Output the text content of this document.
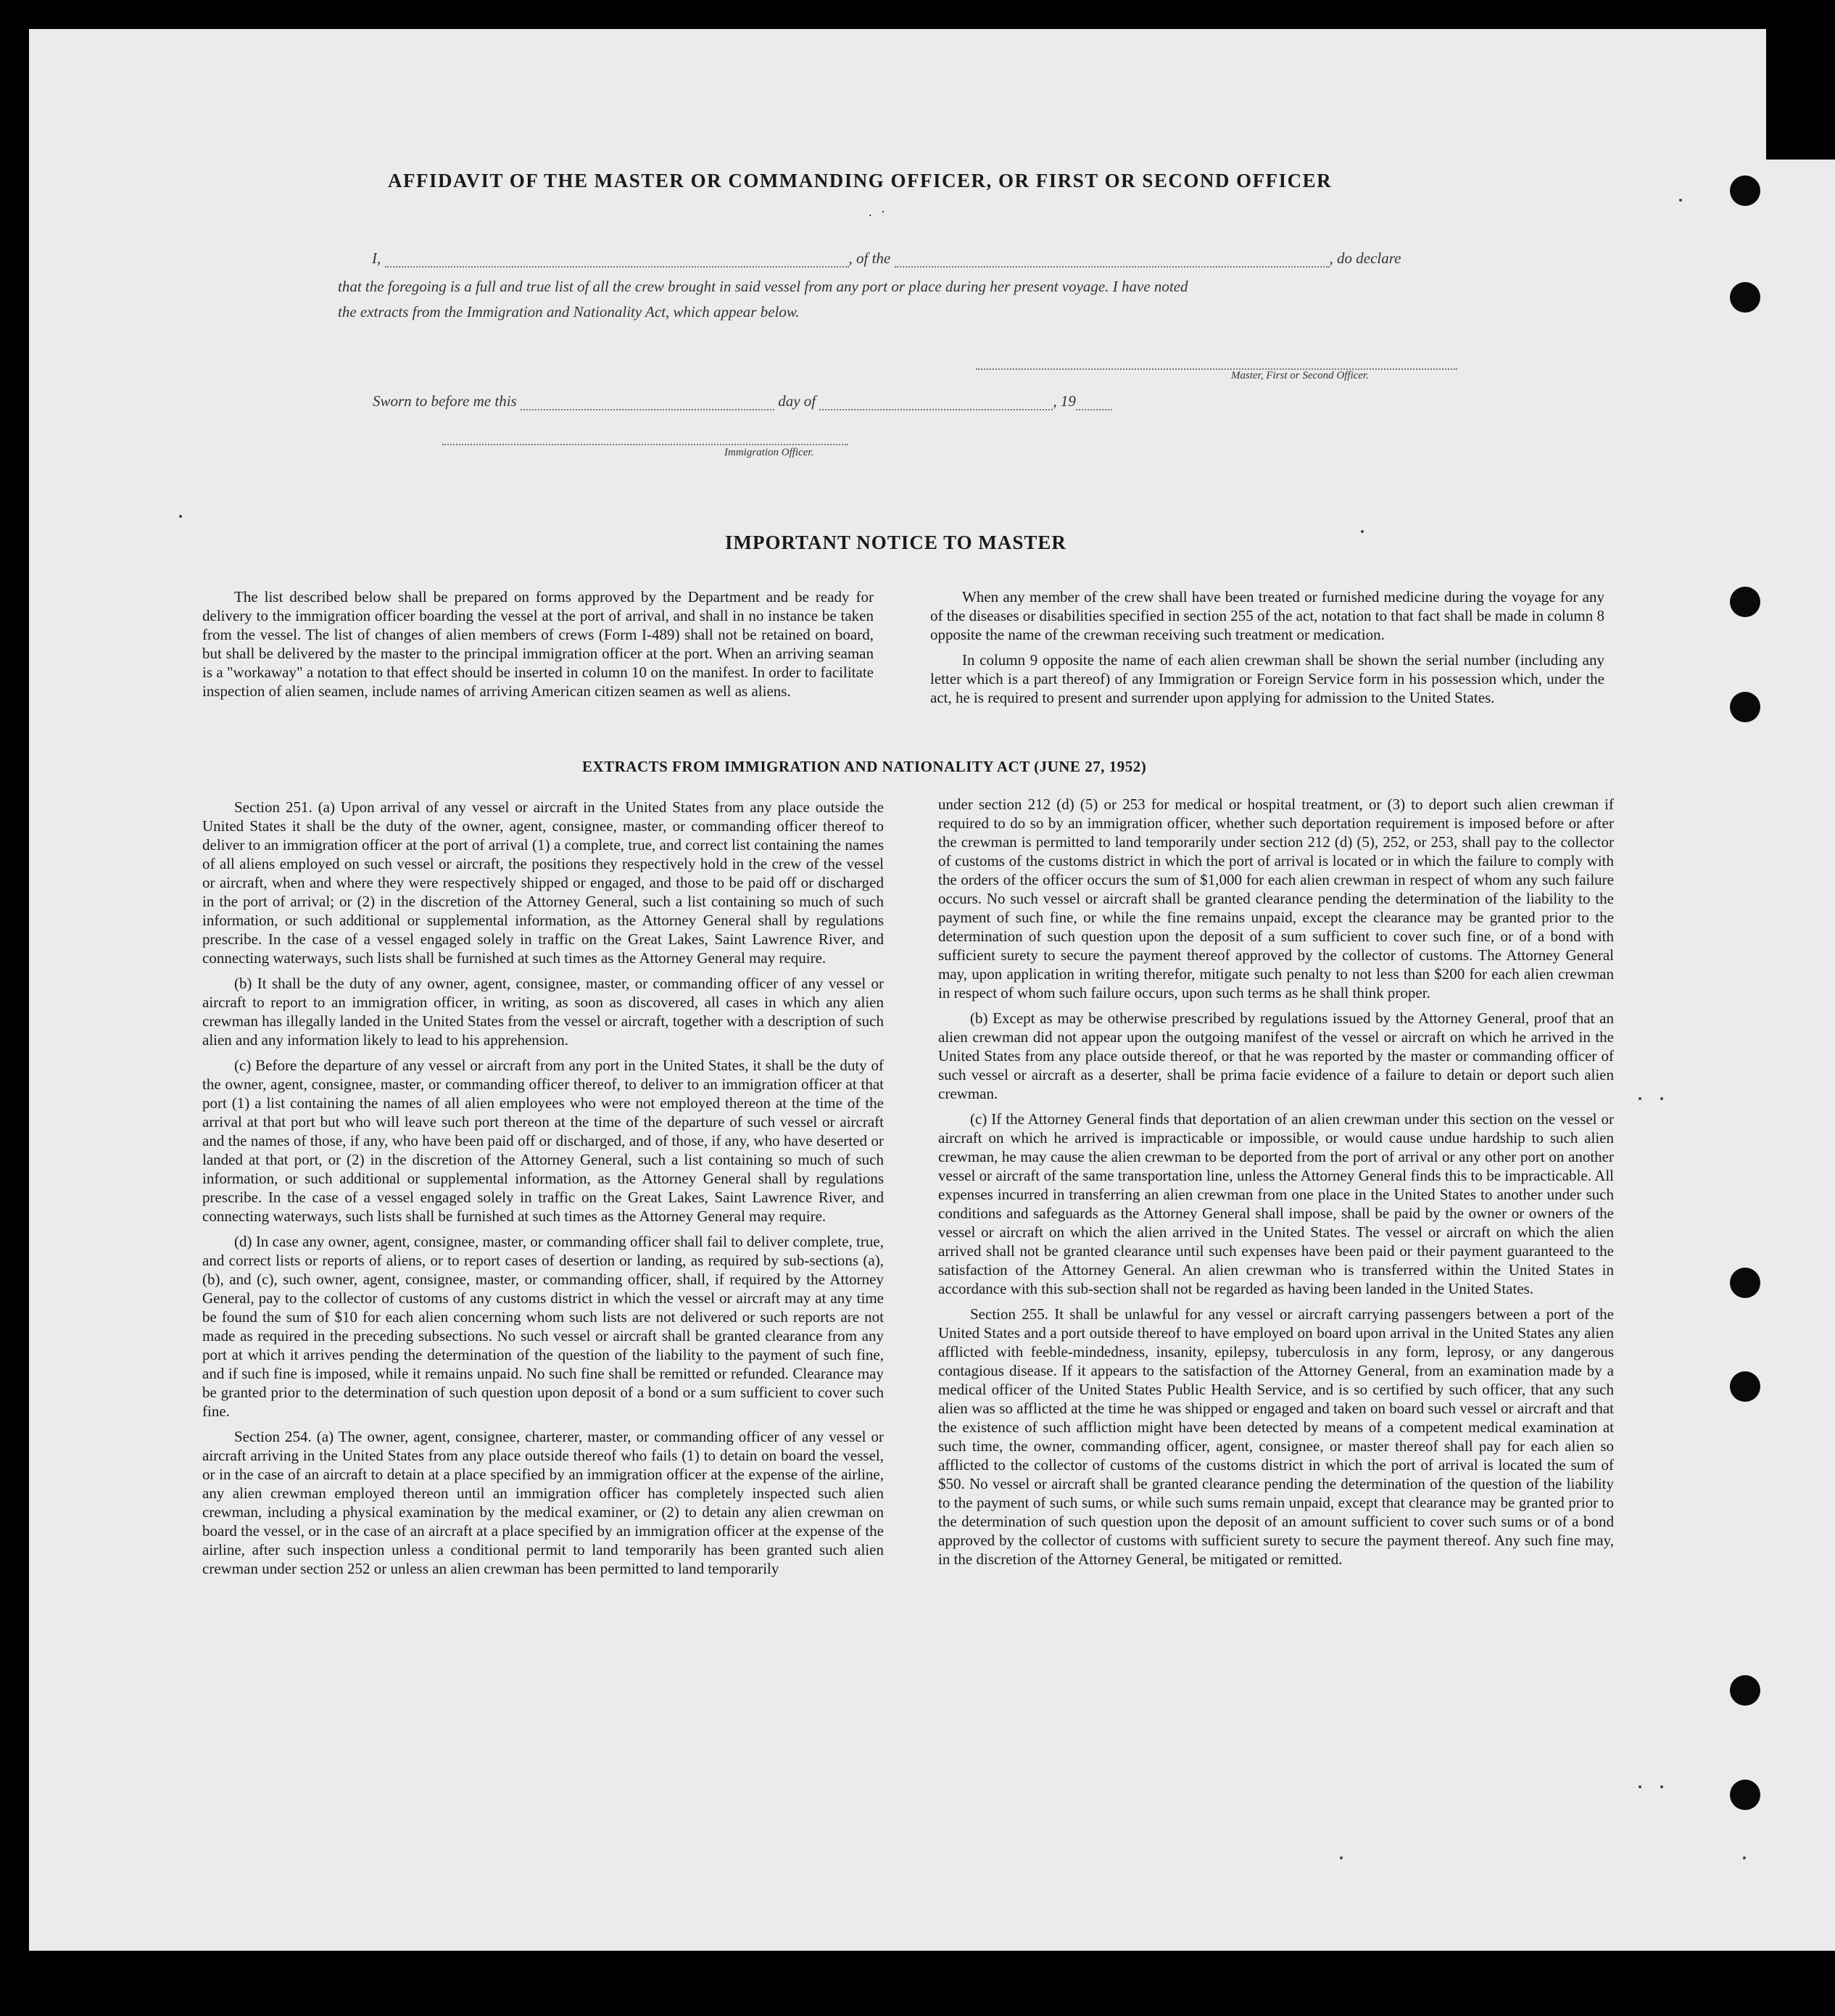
AFFIDAVIT OF THE MASTER OR COMMANDING OFFICER, OR FIRST OR SECOND OFFICER
. ·
I,	, of the	, do declare
that the foregoing is a full and true list of all the crew brought in said vessel from any port or place during her present voyage. I have noted
the extracts from the Immigration and Nationality Act, which appear below.
Master, First or Second Officer.
Sworn to before me this	day of	, 19
Immigration Officer.
IMPORTANT NOTICE TO MASTER

The list described below shall be prepared on forms approved by the Department and be ready for delivery to the immigration officer boarding the vessel at the port of arrival, and shall in no instance be taken from the vessel. The list of changes of alien members of crews (Form I-489) shall not be retained on board, but shall be delivered by the master to the principal immigration officer at the port. When an arriving seaman is a "workaway" a notation to that effect should be inserted in column 10 on the manifest. In order to facilitate inspection of alien seamen, include names of arriving American citizen seamen as well as aliens.

When any member of the crew shall have been treated or furnished medicine during the voyage for any of the diseases or disabilities specified in section 255 of the act, notation to that fact shall be made in column 8 opposite the name of the crewman receiving such treatment or medication.

In column 9 opposite the name of each alien crewman shall be shown the serial number (including any letter which is a part thereof) of any Immigration or Foreign Service form in his possession which, under the act, he is required to present and surrender upon applying for admission to the United States.

EXTRACTS FROM IMMIGRATION AND NATIONALITY ACT (JUNE 27, 1952)

Section 251. (a) Upon arrival of any vessel or aircraft in the United States from any place outside the United States it shall be the duty of the owner, agent, consignee, master, or commanding officer thereof to deliver to an immigration officer at the port of arrival (1) a complete, true, and correct list containing the names of all aliens employed on such vessel or aircraft, the positions they respectively hold in the crew of the vessel or aircraft, when and where they were respectively shipped or engaged, and those to be paid off or discharged in the port of arrival; or (2) in the discretion of the Attorney General, such a list containing so much of such information, or such additional or supplemental information, as the Attorney General shall by regulations prescribe. In the case of a vessel engaged solely in traffic on the Great Lakes, Saint Lawrence River, and connecting waterways, such lists shall be furnished at such times as the Attorney General may require.

(b) It shall be the duty of any owner, agent, consignee, master, or commanding officer of any vessel or aircraft to report to an immigration officer, in writing, as soon as discovered, all cases in which any alien crewman has illegally landed in the United States from the vessel or aircraft, together with a description of such alien and any information likely to lead to his apprehension.

(c) Before the departure of any vessel or aircraft from any port in the United States, it shall be the duty of the owner, agent, consignee, master, or commanding officer thereof, to deliver to an immigration officer at that port (1) a list containing the names of all alien employees who were not employed thereon at the time of the arrival at that port but who will leave such port thereon at the time of the departure of such vessel or aircraft and the names of those, if any, who have been paid off or discharged, and of those, if any, who have deserted or landed at that port, or (2) in the discretion of the Attorney General, such a list containing so much of such information, or such additional or supplemental information, as the Attorney General shall by regulations prescribe. In the case of a vessel engaged solely in traffic on the Great Lakes, Saint Lawrence River, and connecting waterways, such lists shall be furnished at such times as the Attorney General may require.

(d) In case any owner, agent, consignee, master, or commanding officer shall fail to deliver complete, true, and correct lists or reports of aliens, or to report cases of desertion or landing, as required by sub-sections (a), (b), and (c), such owner, agent, consignee, master, or commanding officer, shall, if required by the Attorney General, pay to the collector of customs of any customs district in which the vessel or aircraft may at any time be found the sum of $10 for each alien concerning whom such lists are not delivered or such reports are not made as required in the preceding subsections. No such vessel or aircraft shall be granted clearance from any port at which it arrives pending the determination of the question of the liability to the payment of such fine, and if such fine is imposed, while it remains unpaid. No such fine shall be remitted or refunded. Clearance may be granted prior to the determination of such question upon deposit of a bond or a sum sufficient to cover such fine.

Section 254. (a) The owner, agent, consignee, charterer, master, or commanding officer of any vessel or aircraft arriving in the United States from any place outside thereof who fails (1) to detain on board the vessel, or in the case of an aircraft to detain at a place specified by an immigration officer at the expense of the airline, any alien crewman employed thereon until an immigration officer has completely inspected such alien crewman, including a physical examination by the medical examiner, or (2) to detain any alien crewman on board the vessel, or in the case of an aircraft at a place specified by an immigration officer at the expense of the airline, after such inspection unless a conditional permit to land temporarily has been granted such alien crewman under section 252 or unless an alien crewman has been permitted to land temporarily

under section 212 (d) (5) or 253 for medical or hospital treatment, or (3) to deport such alien crewman if required to do so by an immigration officer, whether such deportation requirement is imposed before or after the crewman is permitted to land temporarily under section 212 (d) (5), 252, or 253, shall pay to the collector of customs of the customs district in which the port of arrival is located or in which the failure to comply with the orders of the officer occurs the sum of $1,000 for each alien crewman in respect of whom any such failure occurs. No such vessel or aircraft shall be granted clearance pending the determination of the liability to the payment of such fine, or while the fine remains unpaid, except the clearance may be granted prior to the determination of such question upon the deposit of a sum sufficient to cover such fine, or of a bond with sufficient surety to secure the payment thereof approved by the collector of customs. The Attorney General may, upon application in writing therefor, mitigate such penalty to not less than $200 for each alien crewman in respect of whom such failure occurs, upon such terms as he shall think proper.

(b) Except as may be otherwise prescribed by regulations issued by the Attorney General, proof that an alien crewman did not appear upon the outgoing manifest of the vessel or aircraft on which he arrived in the United States from any place outside thereof, or that he was reported by the master or commanding officer of such vessel or aircraft as a deserter, shall be prima facie evidence of a failure to detain or deport such alien crewman.

(c) If the Attorney General finds that deportation of an alien crewman under this section on the vessel or aircraft on which he arrived is impracticable or impossible, or would cause undue hardship to such alien crewman, he may cause the alien crewman to be deported from the port of arrival or any other port on another vessel or aircraft of the same transportation line, unless the Attorney General finds this to be impracticable. All expenses incurred in transferring an alien crewman from one place in the United States to another under such conditions and safeguards as the Attorney General shall impose, shall be paid by the owner or owners of the vessel or aircraft on which the alien arrived in the United States. The vessel or aircraft on which the alien arrived shall not be granted clearance until such expenses have been paid or their payment guaranteed to the satisfaction of the Attorney General. An alien crewman who is transferred within the United States in accordance with this sub-section shall not be regarded as having been landed in the United States.

Section 255. It shall be unlawful for any vessel or aircraft carrying passengers between a port of the United States and a port outside thereof to have employed on board upon arrival in the United States any alien afflicted with feeble-mindedness, insanity, epilepsy, tuberculosis in any form, leprosy, or any dangerous contagious disease. If it appears to the satisfaction of the Attorney General, from an examination made by a medical officer of the United States Public Health Service, and is so certified by such officer, that any such alien was so afflicted at the time he was shipped or engaged and taken on board such vessel or aircraft and that the existence of such affliction might have been detected by means of a competent medical examination at such time, the owner, commanding officer, agent, consignee, or master thereof shall pay for each alien so afflicted to the collector of customs of the customs district in which the port of arrival is located the sum of $50. No vessel or aircraft shall be granted clearance pending the determination of the question of the liability to the payment of such sums, or while such sums remain unpaid, except that clearance may be granted prior to the determination of such question upon the deposit of an amount sufficient to cover such sums or of a bond approved by the collector of customs with sufficient surety to secure the payment thereof. Any such fine may, in the discretion of the Attorney General, be mitigated or remitted.
